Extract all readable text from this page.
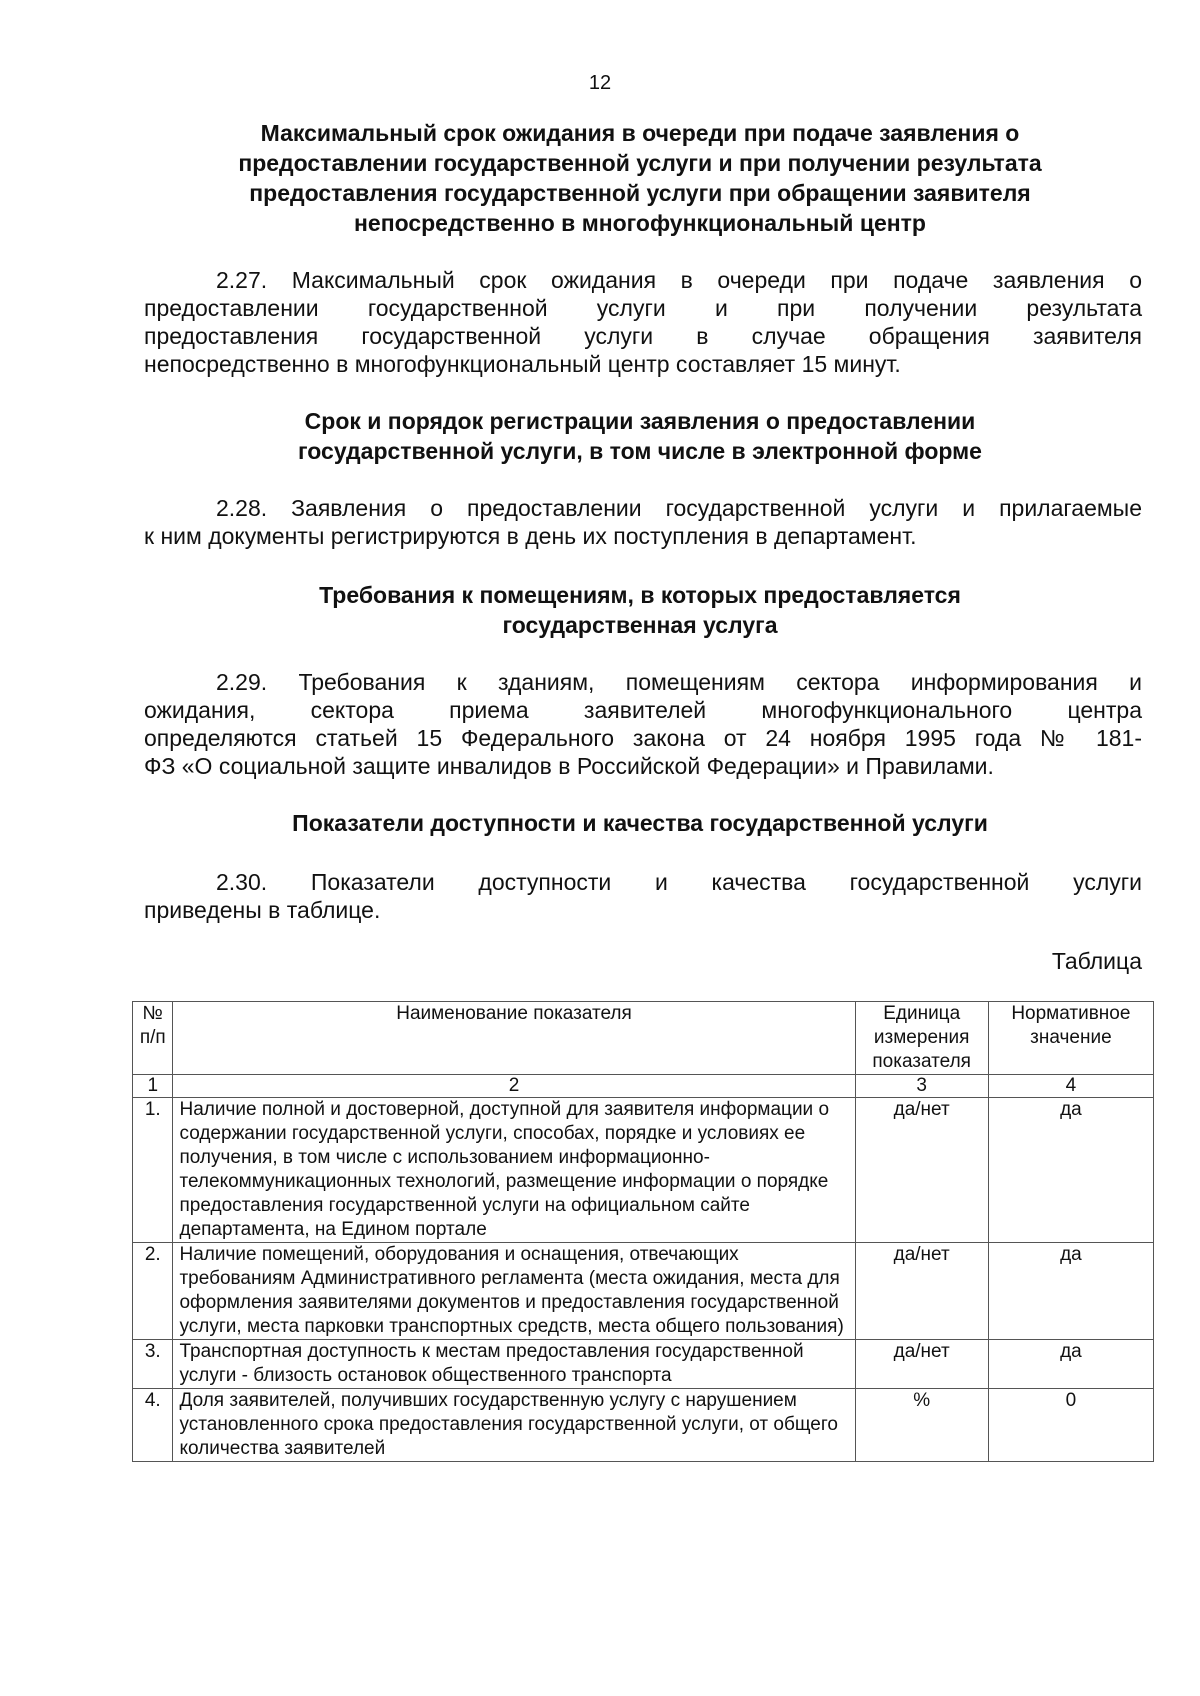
12
Максимальный срок ожидания в очереди при подаче заявления о
предоставлении государственной услуги и при получении результата
предоставления государственной услуги при обращении заявителя
непосредственно в многофункциональный центр
2.27. Максимальный срок ожидания в очереди при подаче заявления о
предоставлении государственной услуги и при получении результата
предоставления государственной услуги в случае обращения заявителя
непосредственно в многофункциональный центр составляет 15 минут.
Срок и порядок регистрации заявления о предоставлении
государственной услуги, в том числе в электронной форме
2.28. Заявления о предоставлении государственной услуги и прилагаемые
к ним документы регистрируются в день их поступления в департамент.
Требования к помещениям, в которых предоставляется
государственная услуга
2.29. Требования к зданиям, помещениям сектора информирования и
ожидания, сектора приема заявителей многофункционального центра
определяются статьей 15 Федерального закона от 24 ноября 1995 года № 181-
ФЗ «О социальной защите инвалидов в Российской Федерации» и Правилами.
Показатели доступности и качества государственной услуги
2.30. Показатели доступности и качества государственной услуги
приведены в таблице.
Таблица
№ п/п	Наименование показателя	Единица измерения показателя	Нормативное значение
1	2	3	4
1.	Наличие полной и достоверной, доступной для заявителя информации о содержании государственной услуги, способах, порядке и условиях ее получения, в том числе с использованием информационно-телекоммуникационных технологий, размещение информации о порядке предоставления государственной услуги на официальном сайте департамента, на Едином портале	да/нет	да
2.	Наличие помещений, оборудования и оснащения, отвечающих требованиям Административного регламента (места ожидания, места для оформления заявителями документов и предоставления государственной услуги, места парковки транспортных средств, места общего пользования)	да/нет	да
3.	Транспортная доступность к местам предоставления государственной услуги - близость остановок общественного транспорта	да/нет	да
4.	Доля заявителей, получивших государственную услугу с нарушением установленного срока предоставления государственной услуги, от общего количества заявителей	%	0
